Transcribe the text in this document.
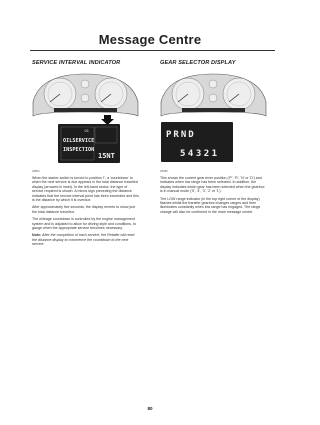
Message Centre
SERVICE INTERVAL INDICATOR
01
OILSERVICE
INSPECTION
15NT
H5801

When the starter switch is turned to position 'I', a 'countdown' to when the next service is due appears in the total distance travelled display (arrowed in inset). In the left-hand sector, the type of service required is shown. A minus sign preceding the distance indicates that the service interval point has been exceeded and this is the distance by which it is overdue.

After approximately five seconds, the display reverts to show just the total distance travelled.

The mileage countdown is controlled by the engine management system and is adjusted to allow for driving style and conditions, to gauge when the appropriate service becomes necessary.

Note: After the completion of each service, the Retailer will reset the distance display to commence the countdown to the next service.

GEAR SELECTOR DISPLAY
PRND
54321
H5456

This shows the current gear lever position ('P', 'R', 'N' or 'D') and indicates when low range has been selected. In addition, the display indicates which gear has been selected when the gearbox is in manual mode ('5', '4', '3', '2' or '1').

The LOW range indicator (in the top right corner of the display) flashes whilst the transfer gearbox changes ranges and then illuminates constantly when low range has engaged. The range change will also be confirmed in the main message centre.

80
